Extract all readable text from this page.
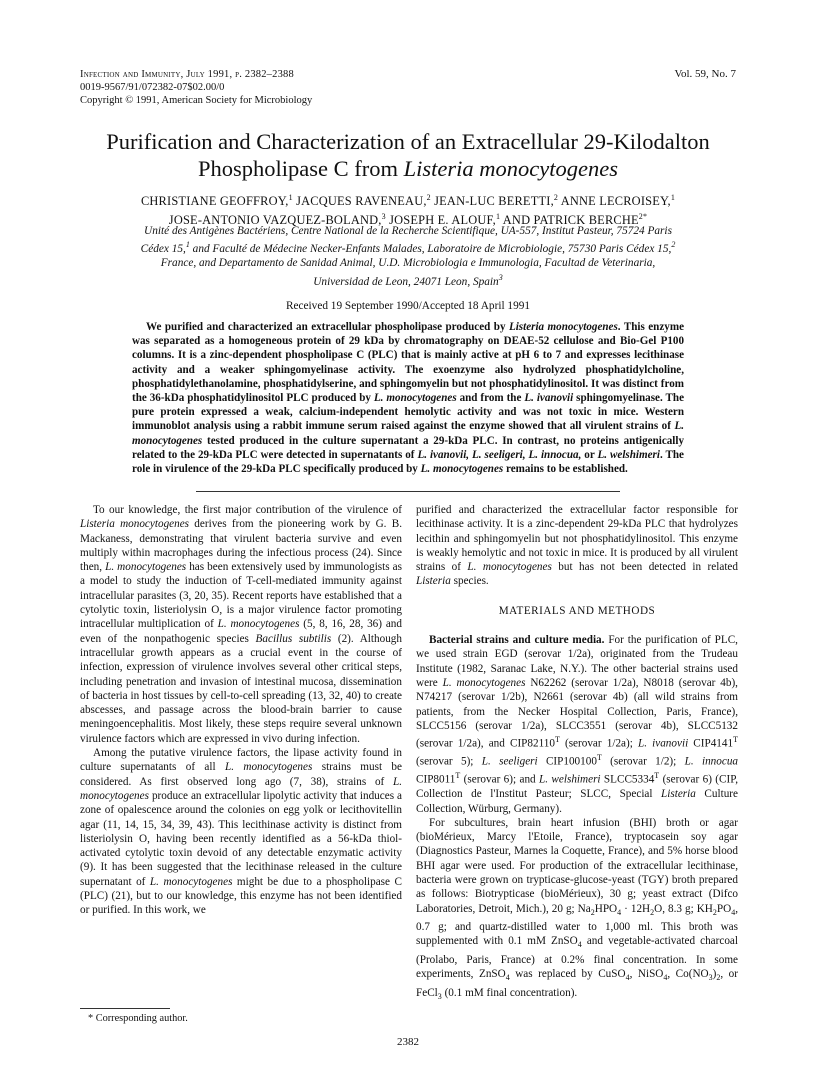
Infection and Immunity, July 1991, p. 2382–2388
0019-9567/91/072382-07$02.00/0
Copyright © 1991, American Society for Microbiology
Vol. 59, No. 7
Purification and Characterization of an Extracellular 29-Kilodalton
Phospholipase C from Listeria monocytogenes
CHRISTIANE GEOFFROY,$^1$ JACQUES RAVENEAU,$^2$ JEAN-LUC BERETTI,$^2$ ANNE LECROISEY,$^1$
JOSE-ANTONIO VAZQUEZ-BOLAND,$^3$ JOSEPH E. ALOUF,$^1$ AND PATRICK $BERCHE^{2*}$
Unité des Antigènes Bactériens, Centre National de la Recherche Scientifique, UA-557, Institut Pasteur, 75724 Paris
Cédex 15,$^1$ and Faculté de Médecine Necker-Enfants Malades, Laboratoire de Microbiologie, 75730 Paris Cédex 15,$^2$
France, and Departamento de Sanidad Animal, U.D. Microbiologia e Immunologia, Facultad de Veterinaria,
Universidad de Leon, 24071 Leon, Spain$^3$
Received 19 September 1990/Accepted 18 April 1991

We purified and characterized an extracellular phospholipase produced by Listeria monocytogenes. This enzyme was separated as a homogeneous protein of 29 kDa by chromatography on DEAE-52 cellulose and Bio-Gel P100 columns. It is a zinc-dependent phospholipase C (PLC) that is mainly active at pH 6 to 7 and expresses lecithinase activity and a weaker sphingomyelinase activity. The exoenzyme also hydrolyzed phosphatidylcholine, phosphatidylethanolamine, phosphatidylserine, and sphingomyelin but not phosphatidylinositol. It was distinct from the 36-kDa phosphatidylinositol PLC produced by L. monocytogenes and from the L. ivanovii sphingomyelinase. The pure protein expressed a weak, calcium-independent hemolytic activity and was not toxic in mice. Western immunoblot analysis using a rabbit immune serum raised against the enzyme showed that all virulent strains of L. monocytogenes tested produced in the culture supernatant a 29-kDa PLC. In contrast, no proteins antigenically related to the 29-kDa PLC were detected in supernatants of L. ivanovii, L. seeligeri, L. innocua, or L. welshimeri. The role in virulence of the 29-kDa PLC specifically produced by L. monocytogenes remains to be established.

To our knowledge, the first major contribution of the virulence of Listeria monocytogenes derives from the pioneering work by G. B. Mackaness, demonstrating that virulent bacteria survive and even multiply within macrophages during the infectious process (24). Since then, L. monocytogenes has been extensively used by immunologists as a model to study the induction of T-cell-mediated immunity against intracellular parasites (3, 20, 35). Recent reports have established that a cytolytic toxin, listeriolysin O, is a major virulence factor promoting intracellular multiplication of L. monocytogenes (5, 8, 16, 28, 36) and even of the nonpathogenic species Bacillus subtilis (2). Although intracellular growth appears as a crucial event in the course of infection, expression of virulence involves several other critical steps, including penetration and invasion of intestinal mucosa, dissemination of bacteria in host tissues by cell-to-cell spreading (13, 32, 40) to create abscesses, and passage across the blood-brain barrier to cause meningoencephalitis. Most likely, these steps require several unknown virulence factors which are expressed in vivo during infection.

Among the putative virulence factors, the lipase activity found in culture supernatants of all L. monocytogenes strains must be considered. As first observed long ago (7, 38), strains of L. monocytogenes produce an extracellular lipolytic activity that induces a zone of opalescence around the colonies on egg yolk or lecithovitellin agar (11, 14, 15, 34, 39, 43). This lecithinase activity is distinct from listeriolysin O, having been recently identified as a 56-kDa thiol-activated cytolytic toxin devoid of any detectable enzymatic activity (9). It has been suggested that the lecithinase released in the culture supernatant of L. monocytogenes might be due to a phospholipase C (PLC) (21), but to our knowledge, this enzyme has not been identified or purified. In this work, we

purified and characterized the extracellular factor responsible for lecithinase activity. It is a zinc-dependent 29-kDa PLC that hydrolyzes lecithin and sphingomyelin but not phosphatidylinositol. This enzyme is weakly hemolytic and not toxic in mice. It is produced by all virulent strains of L. monocytogenes but has not been detected in related Listeria species.

MATERIALS AND METHODS

Bacterial strains and culture media. For the purification of PLC, we used strain EGD (serovar 1/2a), originated from the Trudeau Institute (1982, Saranac Lake, N.Y.). The other bacterial strains used were L. monocytogenes N62262 (serovar 1/2a), N8018 (serovar 4b), N74217 (serovar 1/2b), N2661 (serovar 4b) (all wild strains from patients, from the Necker Hospital Collection, Paris, France), SLCC5156 (serovar 1/2a), SLCC3551 (serovar 4b), SLCC5132 (serovar 1/2a), and $CIP82110^T$ (serovar 1/2a); L. ivanovii $CIP4141^T$ (serovar 5); L. seeligeri $CIP100100^T$ (serovar 1/2); L. innocua $CIP8011^T$ (serovar 6); and L. welshimeri $SLCC5334^T$ (serovar 6) (CIP, Collection de l'Institut Pasteur; SLCC, Special Listeria Culture Collection, Würburg, Germany).

For subcultures, brain heart infusion (BHI) broth or agar (bioMérieux, Marcy l'Etoile, France), tryptocasein soy agar (Diagnostics Pasteur, Marnes la Coquette, France), and 5% horse blood BHI agar were used. For production of the extracellular lecithinase, bacteria were grown on trypticase-glucose-yeast (TGY) broth prepared as follows: Biotrypticase (bioMérieux), 30 g; yeast extract (Difco Laboratories, Detroit, Mich.), 20 g; $Na_2HPO_4 \cdot 12H_2O$, 8.3 g; $KH_2PO_4$, 0.7 g; and quartz-distilled water to 1,000 ml. This broth was supplemented with 0.1 mM ZnSO$_4$ and vegetable-activated charcoal (Prolabo, Paris, France) at 0.2% final concentration. In some experiments, ZnSO$_4$ was replaced by CuSO$_4$, NiSO$_4$, $Co(NO_3)_2$, or FeCl$_3$ (0.1 mM final concentration).

* Corresponding author.
2382
